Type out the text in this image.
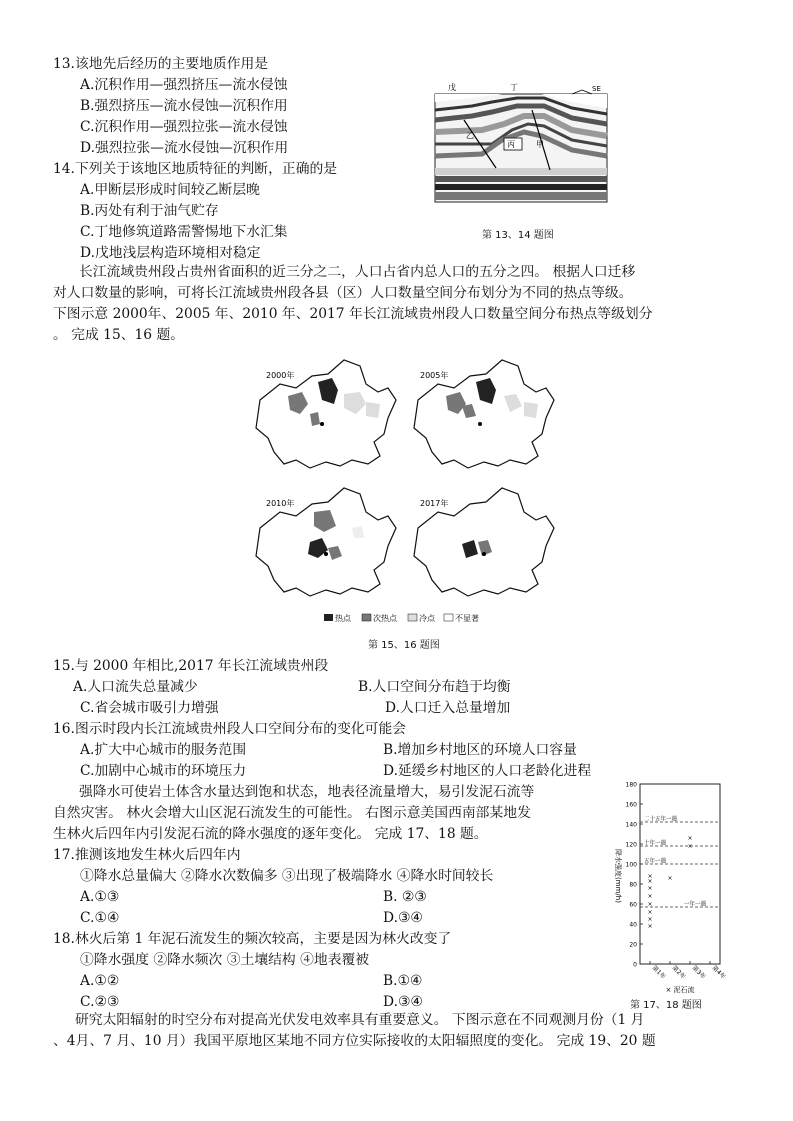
13.该地先后经历的主要地质作用是
A.沉积作用—强烈挤压—流水侵蚀
B.强烈挤压—流水侵蚀—沉积作用
C.沉积作用—强烈拉张—流水侵蚀
D.强烈拉张—流水侵蚀—沉积作用
14.下列关于该地区地质特征的判断，正确的是
A.甲断层形成时间较乙断层晚
B.丙处有利于油气贮存
C.丁地修筑道路需警惕地下水汇集
D.戊地浅层构造环境相对稳定
SE
戊	丁
乙
丙	甲
第 13、14 题图
长江流域贵州段占贵州省面积的近三分之二，人口占省内总人口的五分之四。 根据人口迁移
对人口数量的影响，可将长江流域贵州段各县（区）人口数量空间分布划分为不同的热点等级。
下图示意 2000年、2005 年、2010 年、2017 年长江流域贵州段人口数量空间分布热点等级划分
。 完成 15、16 题。
2000年	2005年
2010年	2017年
热点	次热点	冷点	不显著
第 15、16 题图
15.与 2000 年相比,2017 年长江流域贵州段
A.人口流失总量减少	B.人口空间分布趋于均衡
C.省会城市吸引力增强	D.人口迁入总量增加
16.图示时段内长江流域贵州段人口空间分布的变化可能会
A.扩大中心城市的服务范围	B.增加乡村地区的环境人口容量
C.加剧中心城市的环境压力	D.延缓乡村地区的人口老龄化进程
强降水可使岩土体含水量达到饱和状态，地表径流量增大，易引发泥石流等
自然灾害。 林火会增大山区泥石流发生的可能性。 右图示意美国西南部某地发
生林火后四年内引发泥石流的降水强度的逐年变化。 完成 17、18 题。
17.推测该地发生林火后四年内
①降水总量偏大 ②降水次数偏多 ③出现了极端降水 ④降水时间较长
A.①③	B. ②③
C.①④	D.③④
18.林火后第 1 年泥石流发生的频次较高，主要是因为林火改变了
①降水强度 ②降水频次 ③土壤结构 ④地表覆被
A.①②	B.①④
C.②③	D.③④
降水强度(mm/h)
0
20
40
60
80
100
120
140
160
180
二十五年一遇
十年一遇
五年一遇
一年一遇
第1年 第2年 第3年 第4年
×
×
×
×
×
×
×
× ×
×
×
× 泥石流
第 17、18 题图
研究太阳辐射的时空分布对提高光伏发电效率具有重要意义。 下图示意在不同观测月份（1 月
、4月、7 月、10 月）我国平原地区某地不同方位实际接收的太阳辐照度的变化。 完成 19、20 题
